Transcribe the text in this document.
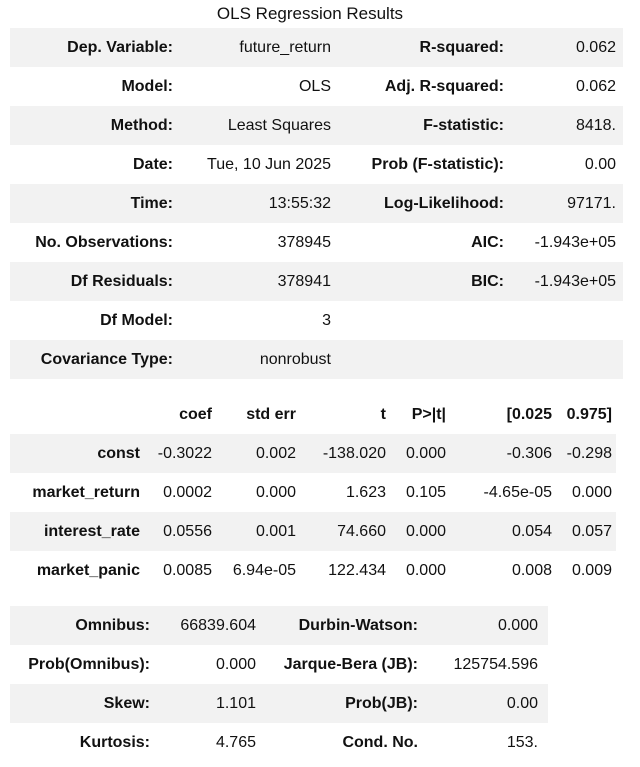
OLS Regression Results
Dep. Variable:	future_return	R-squared:	0.062
Model:	OLS	Adj. R-squared:	0.062
Method:	Least Squares	F-statistic:	8418.
Date:	Tue, 10 Jun 2025	Prob (F-statistic):	0.00
Time:	13:55:32	Log-Likelihood:	97171.
No. Observations:	378945	AIC:	-1.943e+05
Df Residuals:	378941	BIC:	-1.943e+05
Df Model:	3		
Covariance Type:	nonrobust		
	coef	std err	t	P>|t|	[0.025	0.975]
const	-0.3022	0.002	-138.020	0.000	-0.306	-0.298
market_return	0.0002	0.000	1.623	0.105	-4.65e-05	0.000
interest_rate	0.0556	0.001	74.660	0.000	0.054	0.057
market_panic	0.0085	6.94e-05	122.434	0.000	0.008	0.009
Omnibus:	66839.604	Durbin-Watson:	0.000
Prob(Omnibus):	0.000	Jarque-Bera (JB):	125754.596
Skew:	1.101	Prob(JB):	0.00
Kurtosis:	4.765	Cond. No.	153.
